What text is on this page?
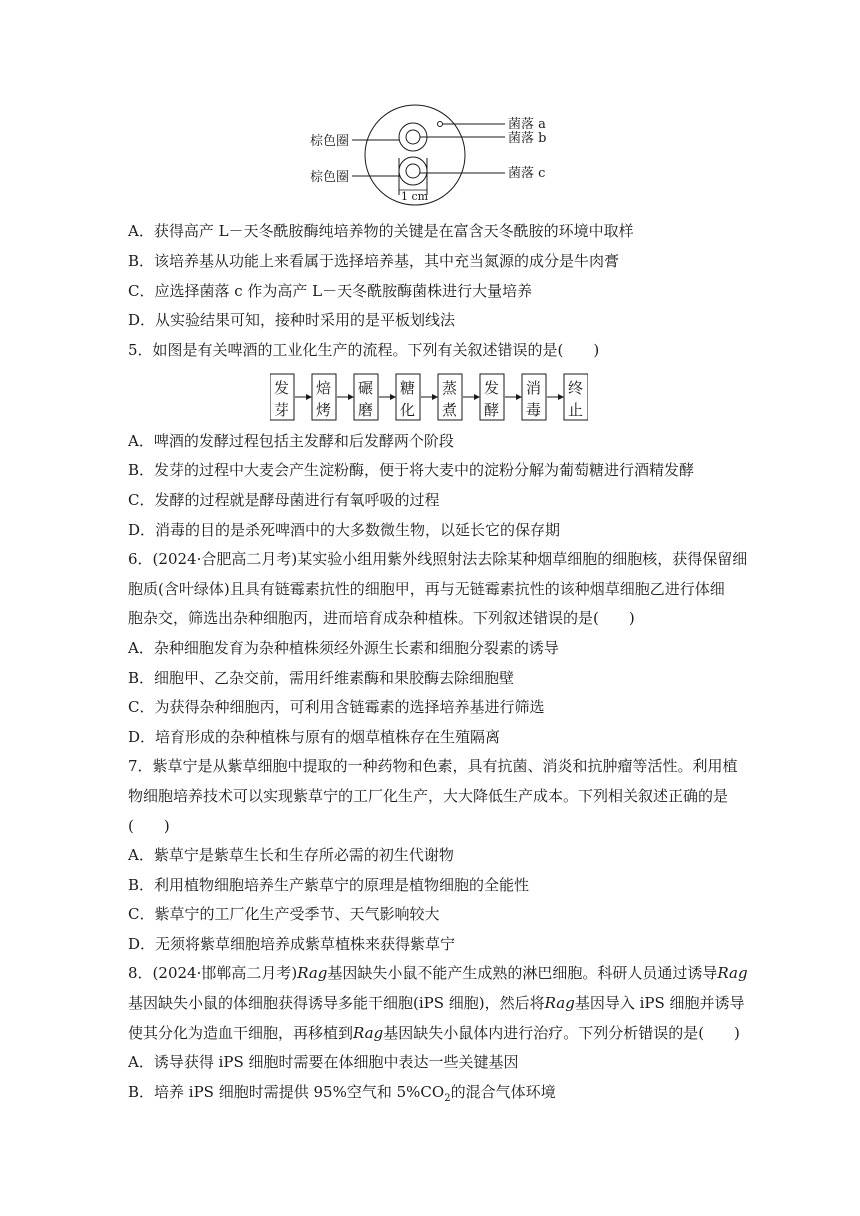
棕色圈
棕色圈
菌落 a
菌落 b
菌落 c
1 cm
A．获得高产 L－天冬酰胺酶纯培养物的关键是在富含天冬酰胺的环境中取样
B．该培养基从功能上来看属于选择培养基，其中充当氮源的成分是牛肉膏
C．应选择菌落 c 作为高产 L－天冬酰胺酶菌株进行大量培养
D．从实验结果可知，接种时采用的是平板划线法
5．如图是有关啤酒的工业化生产的流程。下列有关叙述错误的是(　　)
发
芽
焙
烤
碾
磨
糖
化
蒸
煮
发
酵
消
毒
终
止
A．啤酒的发酵过程包括主发酵和后发酵两个阶段
B．发芽的过程中大麦会产生淀粉酶，便于将大麦中的淀粉分解为葡萄糖进行酒精发酵
C．发酵的过程就是酵母菌进行有氧呼吸的过程
D．消毒的目的是杀死啤酒中的大多数微生物，以延长它的保存期
6．(2024·合肥高二月考)某实验小组用紫外线照射法去除某种烟草细胞的细胞核，获得保留细
胞质(含叶绿体)且具有链霉素抗性的细胞甲，再与无链霉素抗性的该种烟草细胞乙进行体细
胞杂交，筛选出杂种细胞丙，进而培育成杂种植株。下列叙述错误的是(　　)
A．杂种细胞发育为杂种植株须经外源生长素和细胞分裂素的诱导
B．细胞甲、乙杂交前，需用纤维素酶和果胶酶去除细胞壁
C．为获得杂种细胞丙，可利用含链霉素的选择培养基进行筛选
D．培育形成的杂种植株与原有的烟草植株存在生殖隔离
7．紫草宁是从紫草细胞中提取的一种药物和色素，具有抗菌、消炎和抗肿瘤等活性。利用植
物细胞培养技术可以实现紫草宁的工厂化生产，大大降低生产成本。下列相关叙述正确的是
(　　)
A．紫草宁是紫草生长和生存所必需的初生代谢物
B．利用植物细胞培养生产紫草宁的原理是植物细胞的全能性
C．紫草宁的工厂化生产受季节、天气影响较大
D．无须将紫草细胞培养成紫草植株来获得紫草宁
8．(2024·邯郸高二月考)Rag基因缺失小鼠不能产生成熟的淋巴细胞。科研人员通过诱导Rag
基因缺失小鼠的体细胞获得诱导多能干细胞(iPS 细胞)，然后将Rag基因导入 iPS 细胞并诱导
使其分化为造血干细胞，再移植到Rag基因缺失小鼠体内进行治疗。下列分析错误的是(　　)
A．诱导获得 iPS 细胞时需要在体细胞中表达一些关键基因
B．培养 iPS 细胞时需提供 95%空气和 $5\%CO_2$的混合气体环境
